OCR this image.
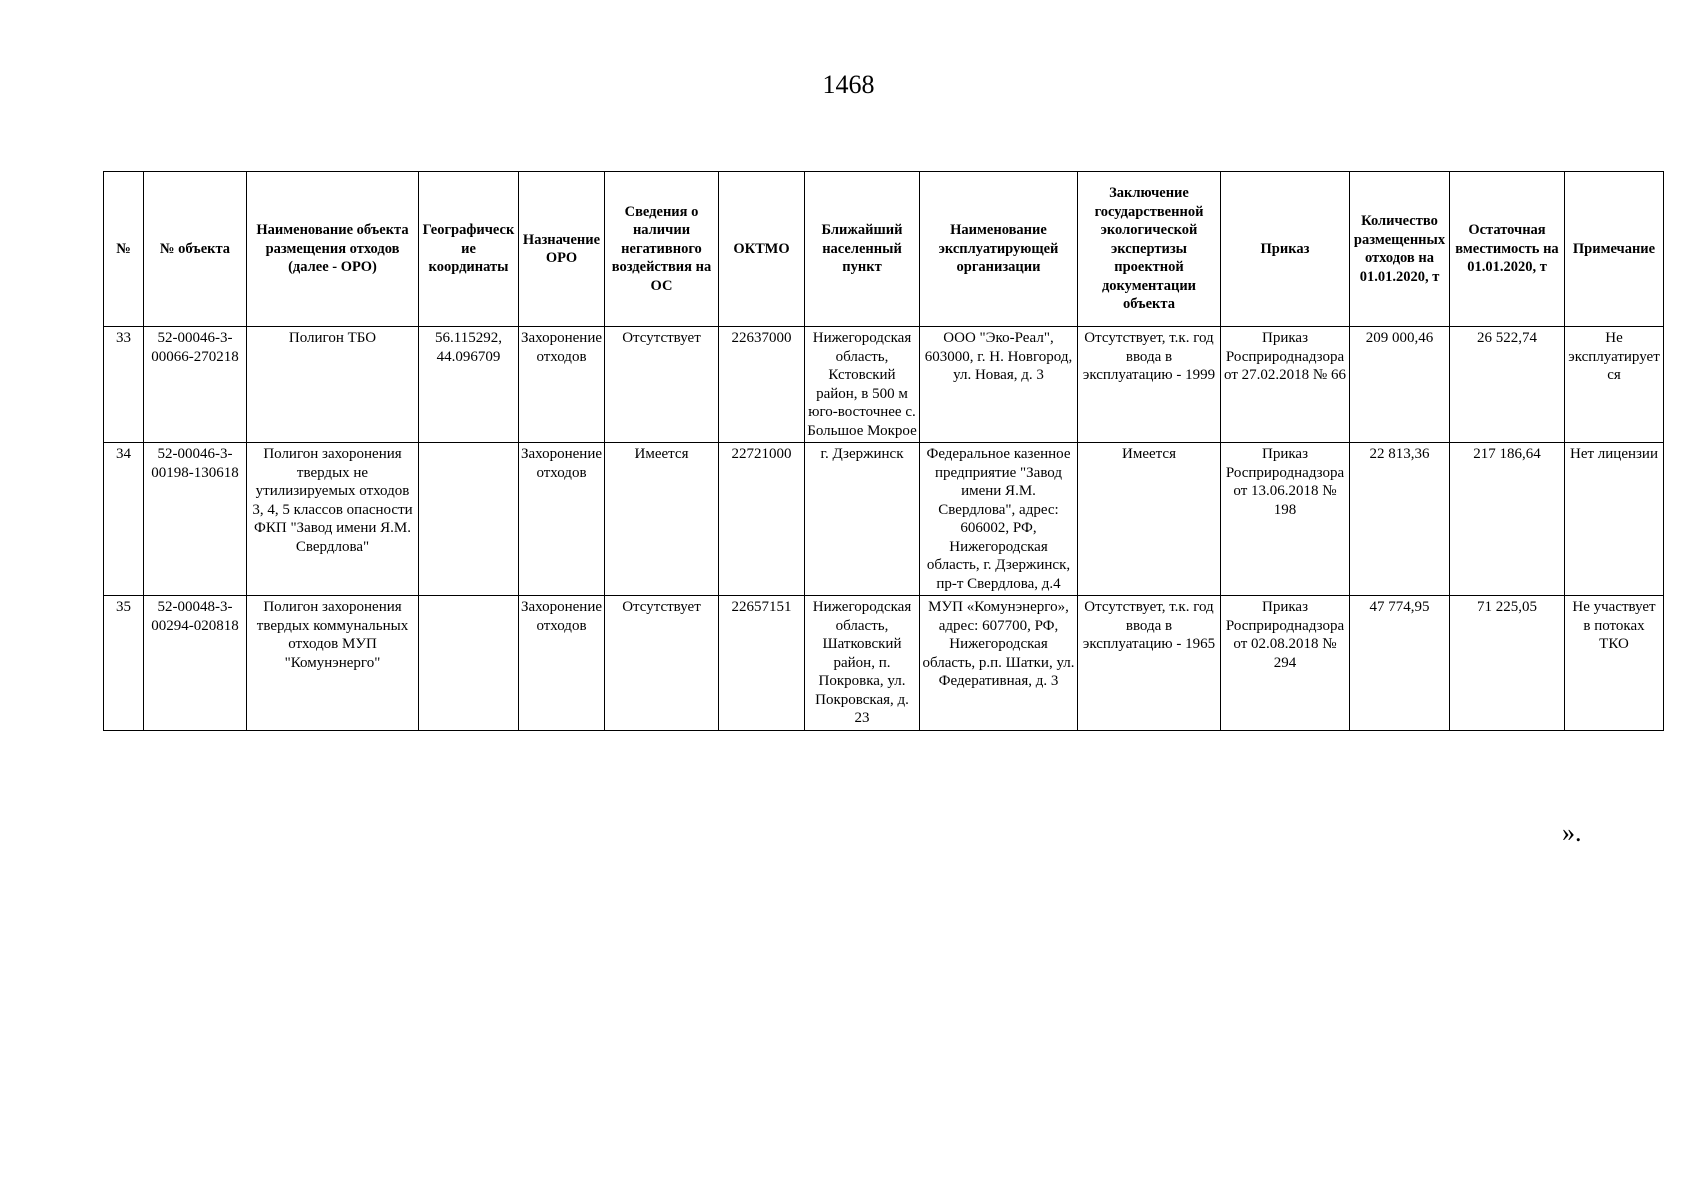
1468
№	№ объекта	Наименование объекта размещения отходов (далее - ОРО)	Географические координаты	Назначение ОРО	Сведения о наличии негативного воздействия на ОС	ОКТМО	Ближайший населенный пункт	Наименование эксплуатирующей организации	Заключение государственной экологической экспертизы проектной документации объекта	Приказ	Количество размещенных отходов на 01.01.2020, т	Остаточная вместимость на 01.01.2020, т	Примечание
33	52-00046-3-00066-270218	Полигон ТБО	56.115292, 44.096709	Захоронение отходов	Отсутствует	22637000	Нижегородская область, Кстовский район, в 500 м юго-восточнее с. Большое Мокрое	ООО "Эко-Реал", 603000, г. Н. Новгород, ул. Новая, д. 3	Отсутствует, т.к. год ввода в эксплуатацию - 1999	Приказ Росприроднадзора от 27.02.2018 № 66	209 000,46	26 522,74	Не эксплуатируется
34	52-00046-3-00198-130618	Полигон захоронения твердых не утилизируемых отходов 3, 4, 5 классов опасности ФКП "Завод имени Я.М. Свердлова"		Захоронение отходов	Имеется	22721000	г. Дзержинск	Федеральное казенное предприятие "Завод имени Я.М. Свердлова", адрес: 606002, РФ, Нижегородская область, г. Дзержинск, пр-т Свердлова, д.4	Имеется	Приказ Росприроднадзора от 13.06.2018 № 198	22 813,36	217 186,64	Нет лицензии
35	52-00048-3-00294-020818	Полигон захоронения твердых коммунальных отходов МУП "Комунэнерго"		Захоронение отходов	Отсутствует	22657151	Нижегородская область, Шатковский район, п. Покровка, ул. Покровская, д. 23	МУП «Комунэнерго», адрес: 607700, РФ, Нижегородская область, р.п. Шатки, ул. Федеративная, д. 3	Отсутствует, т.к. год ввода в эксплуатацию - 1965	Приказ Росприроднадзора от 02.08.2018 № 294	47 774,95	71 225,05	Не участвует в потоках ТКО
».
